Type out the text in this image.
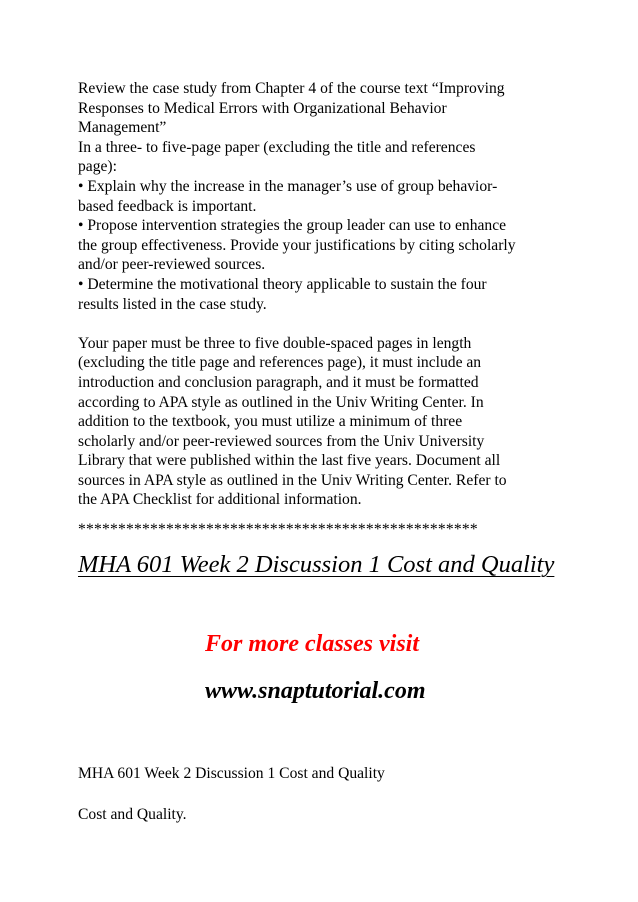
Review the case study from Chapter 4 of the course text “Improving
Responses to Medical Errors with Organizational Behavior
Management”
In a three- to five-page paper (excluding the title and references
page):
• Explain why the increase in the manager’s use of group behavior-
based feedback is important.
• Propose intervention strategies the group leader can use to enhance
the group effectiveness. Provide your justifications by citing scholarly
and/or peer-reviewed sources.
• Determine the motivational theory applicable to sustain the four
results listed in the case study.
Your paper must be three to five double-spaced pages in length
(excluding the title page and references page), it must include an
introduction and conclusion paragraph, and it must be formatted
according to APA style as outlined in the Univ Writing Center. In
addition to the textbook, you must utilize a minimum of three
scholarly and/or peer-reviewed sources from the Univ University
Library that were published within the last five years. Document all
sources in APA style as outlined in the Univ Writing Center. Refer to
the APA Checklist for additional information.
**************************************************
MHA 601 Week 2 Discussion 1 Cost and Quality
For more classes visit
www.snaptutorial.com
MHA 601 Week 2 Discussion 1 Cost and Quality
Cost and Quality.
